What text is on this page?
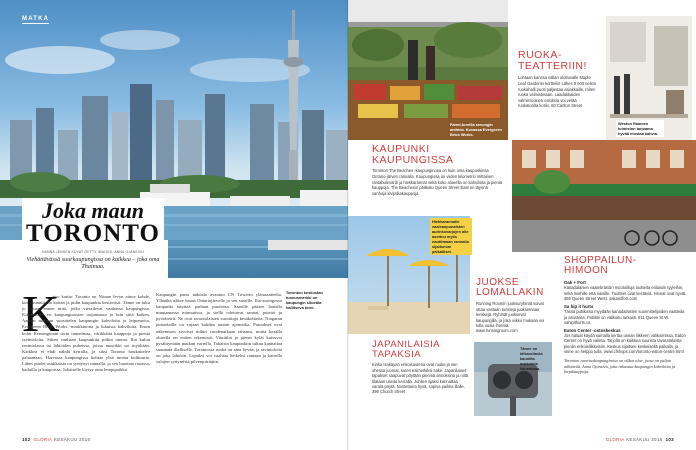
MATKA
Joka maun
TORONTO
HANNA JENSEN KUVAT GETTY IMAGES, ANNA OJANSIVU
Viehättävässä suurkaupungissa on kaikkea – joka oma Thaimaa.
K
aiso kartta: Toronto on Niinan levyn ainoa kohde, kun suunnittelin kartan ja pidin kaupunkia kestävästi. Tänne on tultu jo kauan ennen niitä, jotka vierailevat vanhassa kaupungissa. Kiinnostuin eri kaupunginosien tarjonnasta ja luin siitä kaiken. Aamun makuun suosittelen kaupungin kahviloita ja leipomoita, Evergreen Brick Works -markkinoita ja lukuisia kahviloita. Ensin kohti Kensingtonin torin tunnelmaa, värikkäitä kauppoja ja pieniä ravintoloita. Sitten vanhaan kaupunkiin pitkin rantaa. Ilta kuluu ravintolassa tai lähiöiden pubeissa, joissa musiikki soi myöhään. Kaikkea ei ehdi nähdä kerralla, ja siksi Toronto houkuttelee palaamaan. Harvassa kaupungissa kohtaa yhtä monta kulttuuria. Lähes puolet asukkaista on syntynyt muualla, ja sen huomaa ruoassa, kaduilla ja kaupoissa. Jokaiselle löytyy oma lempipaikka.
Kaupungin paras näköala avautuu CN Towerin ylätasanteelta. Ylhäältä näkee kauas Ontariojärvelle ja sen saarille. Ilta-auringossa kaupunki näyttää parhaat puolensa. Saarille pääsee lautalla muutamassa minuutissa, ja siellä odottavat rannat, puistot ja pyöräreitit. Ne ovat torontolaisten suosittuja kesäkohteita. Niagaran putouksille on vajaan kahden tunnin ajomatka. Putoukset ovat näkemisen arvoiset mihin vuodenaikaan tahansa, mutta kesällä alueella on eniten tekemistä. Viinitilat ja pienet kylät kutsuvat pysähtymään matkan varrella. Takaisin kaupunkiin tultua kannattaa suunnata illalliselle. Torontossa ruoka on aina hyvää, ja ravintoloita on joka lähtöön. Lopuksi voi istahtaa hetkeksi rantaan ja katsella valojen syttymistä pilvenpiirtäjiin.
Toronton keskustan tunnusmerkki on kaupungin siluettia hallitseva torni.
102 GLORIA KESÄKUU 2016
Farmi-toreilla sesongin antimia. Kuvassa Evergreen Brick Works.
RUOKA-
TEATTERIIN!
Lohtaan kanssa vallan ulottuvalle Maple Leaf Gardenin kortteliin Lähes 8 000 neliön ruokahalli puoti paljastaa asiakkaille, miten ruoka valmistetaan. Laadukkaiden valmisruokien ostoksia voi vetää ruokatorilta kotiin. 60 Carlton Street
Weston Raamen toimiston tarjoama hyvää mustaa kahvia.
KAUPUNKI
KAUPUNGISSA
Toronton The Beaches -kaupunginosa on kuin oma kaupunkinsa Ontario-järven rannalla. Kaupungissa on viiden kilometrin mittainen rantabulevardi ja hiekkarannat sekä koko alueella on kahviloita ja pieniä kauppoja. The Beachesin pääkatu Queen Street East on täynnä vanhoja kivijalkakauppoja.
Hiekkarannalle vaaleanpunaisten aurinkovarjojen alle asettuu myös nauttimaan rannalla sijaitsevat paikalliset.
JUOKSE
LOMALLAKIN
Running Roomin juoksuryhmät voivat ottaa vastaan turisteja juoksemaan lenkkejä. Ryhmät juoksevat kaupungilla, ja joka viikko mukaan voi tulla uusia ihmisiä. www.runningroom.com
Tänne on kiikaroitavia kauniita maisemia kauempaa.
JAPANILAISIA
TAPAKSIA
Kinka Izakayan erikoisuutena ovat ruoka ja sen ohessa juomat, kuten esimerkiksi sake. Japanilaiset tapakset saapuvat pöytään pieninä annoksina ja niitä tilataan useita kerralla. Juhlien ajaksi kannattaa varata pöytä. Nostettuna hyvä, sopiva paikka illalle. 398 Church Street
SHOPPAILUN-
HIMOON
Oak + Fort
Kanadalaisen vaatebrändin muotoiltuja tuotteita erilaisiin tyyleihin, sekä miehille että naisille. Tuotteet ovat kestäviä. Hinnat ovat hyvät. 355 Queen Street West. oakandfort.com
Sa hip it hurts
Tässä putiikissa myydään kanadalaisten suunnittelijoiden vaatteita ja asusteita. Putiikki on valikoitu tarkasti. 811 Queen St W. sahipithurts.ca
Eaton Center -ostoskeskus
Jos haluat käydä samalla kertaa usean liikkeen valikoimissa, Eaton Center on hyvä valinta. Tarjolla on kaikkea suurista tavarataloista pieniin erikoisliikkeisiin. Keskus sijaitsee keskeisellä paikalla, ja sinne on helppo tulla. www.cfshops.com/toronto-eaton-centre.html
Toronton nuorisokaupunginosa on vilkas alue, jossa on paljon nähtävää. Anna Ojansivu, joka rakastaa kaupungin kahviloita ja kirjakauppoja.
GLORIA KESÄKUU 2016 103
